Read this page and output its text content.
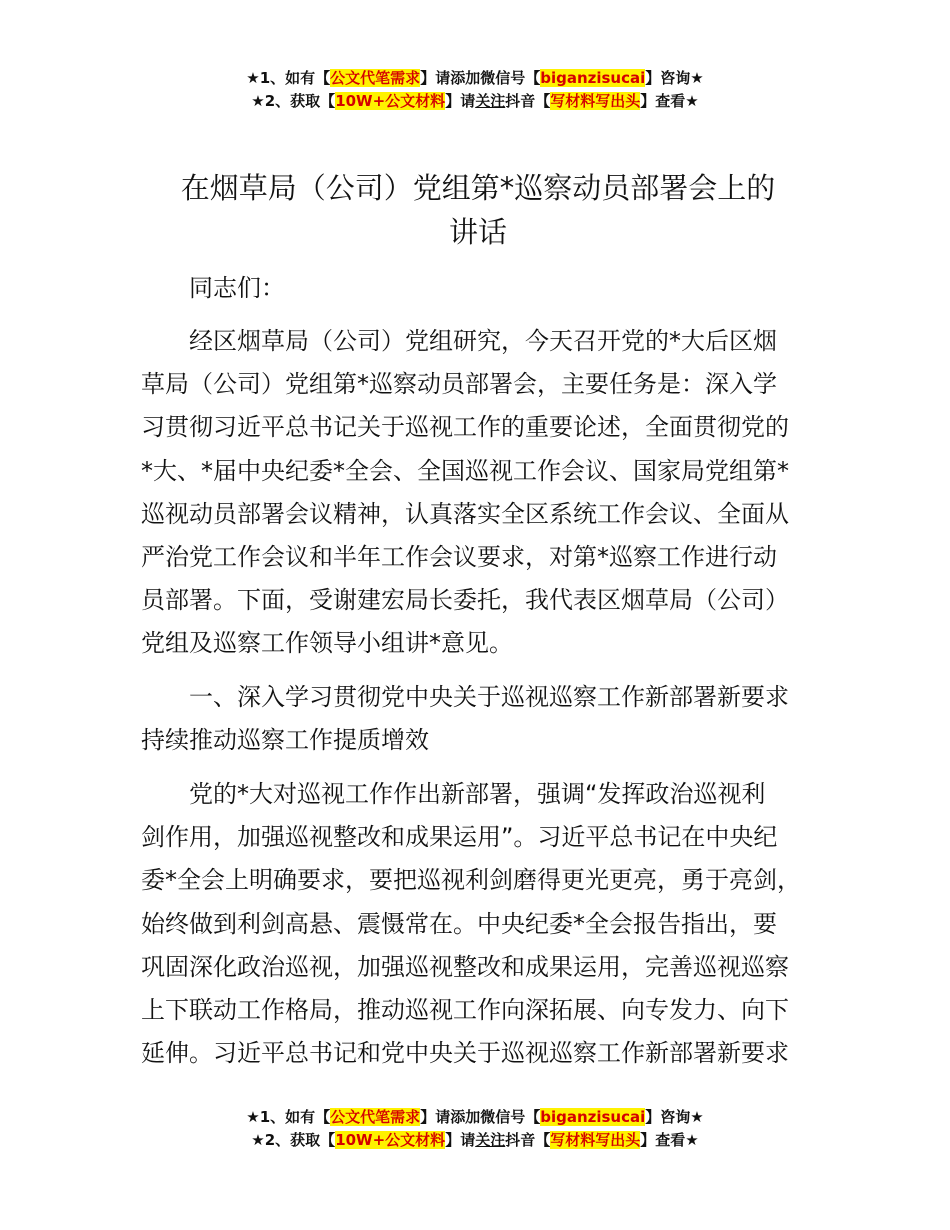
★1、如有【公文代笔需求】请添加微信号【biganzisucai】咨询★
★2、获取【10W+公文材料】请关注抖音【写材料写出头】查看★
在烟草局（公司）党组第*巡察动员部署会上的
讲话
同志们：
经区烟草局（公司）党组研究，今天召开党的*大后区烟
草局（公司）党组第*巡察动员部署会，主要任务是：深入学
习贯彻习近平总书记关于巡视工作的重要论述，全面贯彻党的
*大、*届中央纪委*全会、全国巡视工作会议、国家局党组第*
巡视动员部署会议精神，认真落实全区系统工作会议、全面从
严治党工作会议和半年工作会议要求，对第*巡察工作进行动
员部署。下面，受谢建宏局长委托，我代表区烟草局（公司）
党组及巡察工作领导小组讲*意见。
一、深入学习贯彻党中央关于巡视巡察工作新部署新要求
持续推动巡察工作提质增效
党的*大对巡视工作作出新部署，强调“发挥政治巡视利
剑作用，加强巡视整改和成果运用”。习近平总书记在中央纪
委*全会上明确要求，要把巡视利剑磨得更光更亮，勇于亮剑，
始终做到利剑高悬、震慑常在。中央纪委*全会报告指出，要
巩固深化政治巡视，加强巡视整改和成果运用，完善巡视巡察
上下联动工作格局，推动巡视工作向深拓展、向专发力、向下
延伸。习近平总书记和党中央关于巡视巡察工作新部署新要求
★1、如有【公文代笔需求】请添加微信号【biganzisucai】咨询★
★2、获取【10W+公文材料】请关注抖音【写材料写出头】查看★
